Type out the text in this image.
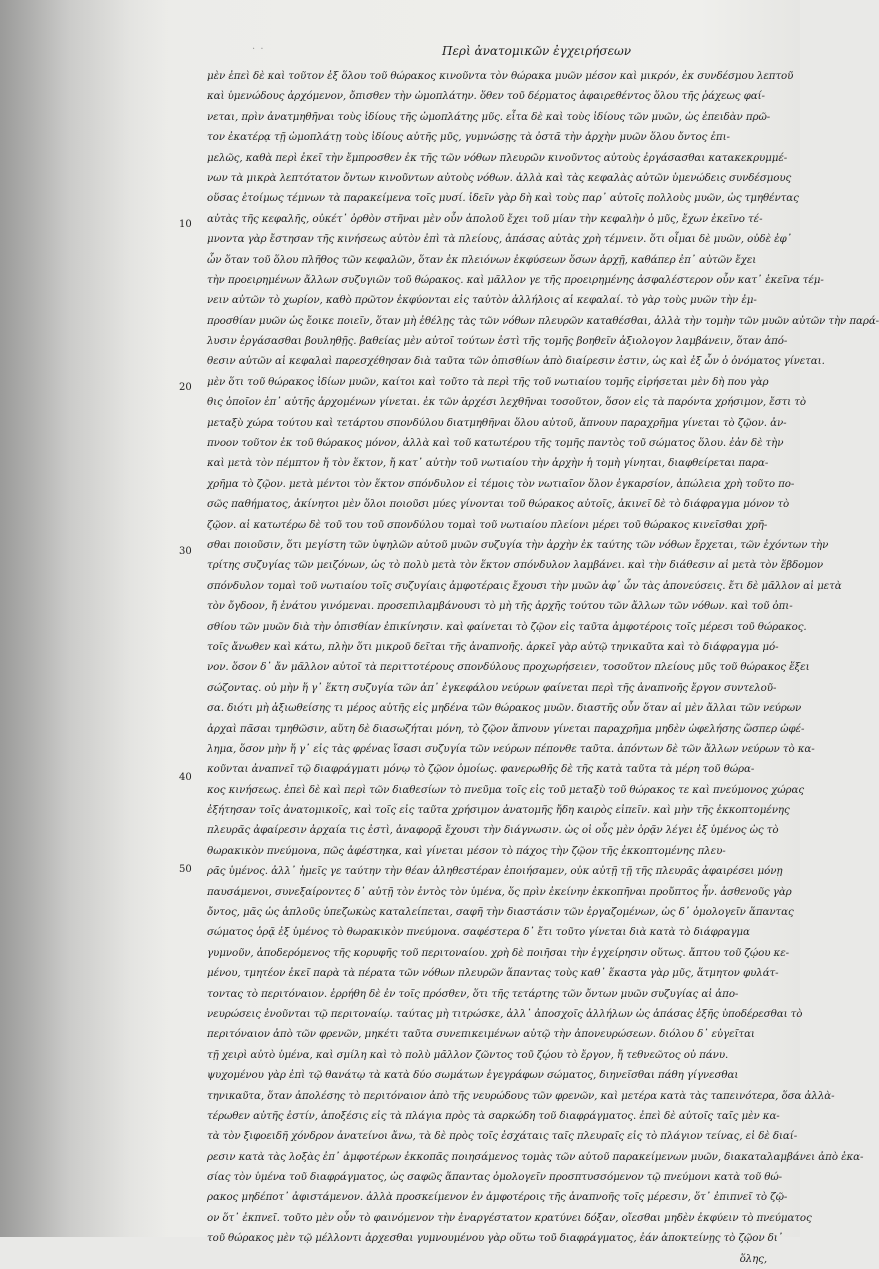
· ·	Περὶ ἀνατομικῶν ἐγχειρήσεων
10
20
30
40
50
μὲν ἐπεὶ δὲ καὶ τοῦτον ἐξ ὅλου τοῦ θώρακος κινοῦντα τὸν θώρακα μυῶν μέσον καὶ μικρόν, ἐκ συνδέσμου λεπτοῦ
καὶ ὑμενώδους ἀρχόμενον, ὄπισθεν τὴν ὠμοπλάτην. ὅθεν τοῦ δέρματος ἀφαιρεθέντος ὅλου τῆς ῥάχεως φαί-
νεται, πρὶν ἀνατμηθῆναι τοὺς ἰδίους τῆς ὠμοπλάτης μῦς. εἶτα δὲ καὶ τοὺς ἰδίους τῶν μυῶν, ὡς ἐπειδὰν πρῶ-
τον ἐκατέρᾳ τῇ ὠμοπλάτῃ τοὺς ἰδίους αὐτῆς μῦς, γυμνώσῃς τὰ ὀστᾶ τὴν ἀρχὴν μυῶν ὅλου ὄντος ἐπι-
μελῶς, καθὰ περὶ ἐκεῖ τὴν ἔμπροσθεν ἐκ τῆς τῶν νόθων πλευρῶν κινοῦντος αὐτοὺς ἐργάσασθαι κατακεκρυμμέ-
νων τὰ μικρὰ λεπτότατον ὄντων κινοῦντων αὐτοὺς νόθων. ἀλλὰ καὶ τὰς κεφαλὰς αὐτῶν ὑμενώδεις συνδέσμους
οὕσας ἑτοίμως τέμνων τὰ παρακείμενα τοῖς μυσί. ἰδεῖν γὰρ δὴ καὶ τοὺς παρ᾽ αὐτοῖς πολλοὺς μυῶν, ὡς τμηθέντας
αὐτὰς τῆς κεφαλῆς, οὐκέτ᾽ ὀρθὸν στῆναι μὲν οὖν ἀπολοῦ ἔχει τοῦ μίαν τὴν κεφαλὴν ὁ μῦς, ἔχων ἐκεῖνο τέ-
μνοντα γὰρ ἔστησαν τῆς κινήσεως αὐτὸν ἐπὶ τὰ πλείους, ἁπάσας αὐτὰς χρὴ τέμνειν. ὅτι οἶμαι δὲ μυῶν, οὐδὲ ἐφ᾽
ὧν ὅταν τοῦ ὅλου πλῆθος τῶν κεφαλῶν, ὅταν ἐκ πλειόνων ἐκφύσεων ὅσων ἀρχῇ, καθάπερ ἐπ᾽ αὐτῶν ἔχει
τὴν προειρημένων ἄλλων συζυγιῶν τοῦ θώρακος. καὶ μᾶλλον γε τῆς προειρημένης ἀσφαλέστερον οὖν κατ᾽ ἐκεῖνα τέμ-
νειν αὐτῶν τὸ χωρίον, καθὸ πρῶτον ἐκφύονται εἰς ταὐτὸν ἀλλήλοις αἱ κεφαλαί. τὸ γὰρ τοὺς μυῶν τὴν ἐμ-
προσθίαν μυῶν ὡς ἔοικε ποιεῖν, ὅταν μὴ ἐθέλῃς τὰς τῶν νόθων πλευρῶν καταθέσθαι, ἀλλὰ τὴν τομὴν τῶν μυῶν αὐτῶν τὴν παρά-
λυσιν ἐργάσασθαι βουληθῇς. βαθείας μὲν αὐτοῖ τούτων ἐστὶ τῆς τομῆς βοηθεῖν ἀξιολογον λαμβάνειν, ὅταν ἀπό-
θεσιν αὐτῶν αἱ κεφαλαὶ παρεσχέθησαν διὰ ταῦτα τῶν ὀπισθίων ἀπὸ διαίρεσιν ἐστιν, ὡς καὶ ἐξ ὧν ὁ ὀνόματος γίνεται.
μὲν ὅτι τοῦ θώρακος ἰδίων μυῶν, καίτοι καὶ τοῦτο τὰ περὶ τῆς τοῦ νωτιαίου τομῆς εἰρήσεται μὲν δὴ που γὰρ
θις ὁποῖον ἐπ᾽ αὐτῆς ἀρχομένων γίνεται. ἐκ τῶν ἀρχέσι λεχθῆναι τοσοῦτον, ὅσον εἰς τὰ παρόντα χρήσιμον, ἔστι τὸ
μεταξὺ χώρα τούτου καὶ τετάρτου σπονδύλου διατμηθῆναι ὅλου αὐτοῦ, ἄπνουν παραχρῆμα γίνεται τὸ ζῷον. ἀν-
πνοον τοῦτον ἐκ τοῦ θώρακος μόνον, ἀλλὰ καὶ τοῦ κατωτέρου τῆς τομῆς παντὸς τοῦ σώματος ὅλου. ἐἀν δὲ τὴν
καὶ μετὰ τὸν πέμπτον ἤ τὸν ἕκτον, ἤ κατ᾽ αὐτὴν τοῦ νωτιαίου τὴν ἀρχὴν ἡ τομὴ γίνηται, διαφθείρεται παρα-
χρῆμα τὸ ζῷον. μετὰ μέντοι τὸν ἕκτον σπόνδυλον εἰ τέμοις τὸν νωτιαῖον ὅλον ἐγκαρσίον, ἀπώλεια χρὴ τοῦτο πο-
σῶς παθήματος, ἀκίνητοι μὲν ὅλοι ποιοῦσι μύες γίνονται τοῦ θώρακος αὐτοῖς, ἀκινεῖ δὲ τὸ διάφραγμα μόνον τὸ
ζῷον. αἱ κατωτέρω δὲ τοῦ του τοῦ σπονδύλου τομαὶ τοῦ νωτιαίου πλείονι μέρει τοῦ θώρακος κινεῖσθαι χρῆ-
σθαι ποιοῦσιν, ὅτι μεγίστη τῶν ὑψηλῶν αὐτοῦ μυῶν συζυγία τὴν ἀρχὴν ἐκ ταύτης τῶν νόθων ἔρχεται, τῶν ἐχόντων τὴν
τρίτης συζυγίας τῶν μειζόνων, ὡς τὸ πολὺ μετὰ τὸν ἕκτον σπόνδυλον λαμβάνει. καὶ τὴν διάθεσιν αἱ μετὰ τὸν ἕβδομον
σπόνδυλον τομαὶ τοῦ νωτιαίου τοῖς συζυγίαις ἀμφοτέραις ἔχουσι τὴν μυῶν ἀφ᾽ ὧν τὰς ἀπονεύσεις. ἔτι δὲ μᾶλλον αἱ μετὰ
τὸν ὄγδοον, ἤ ἐνάτου γινόμεναι. προσεπιλαμβάνουσι τὸ μὴ τῆς ἀρχῆς τούτου τῶν ἄλλων τῶν νόθων. καὶ τοῦ ὀπι-
σθίου τῶν μυῶν διὰ τὴν ὀπισθίαν ἐπικίνησιν. καὶ φαίνεται τὸ ζῷον εἰς ταῦτα ἀμφοτέροις τοῖς μέρεσι τοῦ θώρακος.
τοῖς ἄνωθεν καὶ κάτω, πλὴν ὅτι μικροῦ δεῖται τῆς ἀναπνοῆς. ἀρκεῖ γὰρ αὐτῷ τηνικαῦτα καὶ τὸ διάφραγμα μό-
νον. ὅσον δ᾽ ἄν μᾶλλον αὐτοῖ τὰ περιττοτέρους σπονδύλους προχωρήσειεν, τοσοῦτον πλείους μῦς τοῦ θώρακος ἕξει
σώζοντας. οὐ μὴν ἥ γ᾽ ἕκτη συζυγία τῶν ἀπ᾽ ἐγκεφάλου νεύρων φαίνεται περὶ τῆς ἀναπνοῆς ἔργον συντελοῦ-
σα. διότι μὴ ἀξιωθείσης τι μέρος αὐτῆς εἰς μηδένα τῶν θώρακος μυῶν. διαστῆς οὖν ὅταν αἱ μὲν ἄλλαι τῶν νεύρων
ἀρχαὶ πᾶσαι τμηθῶσιν, αὕτη δὲ διασωζήται μόνη, τὸ ζῷον ἄπνουν γίνεται παραχρῆμα μηδὲν ὠφελήσης ὥσπερ ὠφέ-
λημα, ὅσον μὴν ἥ γ᾽ εἰς τὰς φρένας ἴσασι συζυγία τῶν νεύρων πέπονθε ταῦτα. ἀπόντων δὲ τῶν ἄλλων νεύρων τὸ κα-
κοῦνται ἀναπνεῖ τῷ διαφράγματι μόνῳ τὸ ζῷον ὁμοίως. φανερωθῆς δὲ τῆς κατὰ ταῦτα τὰ μέρη τοῦ θώρα-
κος κινήσεως. ἐπεὶ δὲ καὶ περὶ τῶν διαθεσίων τὸ πνεῦμα τοῖς εἰς τοῦ μεταξὺ τοῦ θώρακος τε καὶ πνεύμονος χώρας
ἐξήτησαν τοῖς ἀνατομικοῖς, καὶ τοῖς εἰς ταῦτα χρήσιμον ἀνατομῆς ἤδη καιρὸς εἰπεῖν. καὶ μὴν τῆς ἐκκοπτομένης
πλευρᾶς ἀφαίρεσιν ἀρχαία τις ἐστὶ, ἀναφορᾷ ἔχουσι τὴν διάγνωσιν. ὡς οἱ οὖς μὲν ὁρᾷν λέγει ἐξ ὑμένος ὡς τὸ
θωρακικὸν πνεύμονα, πῶς ἀφέστηκα, καὶ γίνεται μέσον τὸ πάχος τὴν ζῷον τῆς ἐκκοπτομένης πλευ-
ρᾶς ὑμένος. ἀλλ᾽ ἡμεῖς γε ταύτην τὴν θέαν ἀληθεστέραν ἐποιήσαμεν, οὐκ αὐτῇ τῇ τῆς πλευρᾶς ἀφαιρέσει μόνῃ
παυσάμενοι, συνεξαίροντες δ᾽ αὐτῇ τὸν ἐντὸς τὸν ὑμένα, ὅς πρὶν ἐκείνην ἐκκοπῆναι προὔπτος ἦν. ἀσθενοῦς γὰρ
ὄντος, μᾶς ὡς ἁπλοῦς ὑπεζωκὼς καταλείπεται, σαφῆ τὴν διαστάσιν τῶν ἐργαζομένων, ὡς δ᾽ ὁμολογεῖν ἅπαντας
σώματος ὁρᾷ ἐξ ὑμένος τὸ θωρακικὸν πνεύμονα. σαφέστερα δ᾽ ἔτι τοῦτο γίνεται διὰ κατὰ τὸ διάφραγμα
γυμνοῦν, ἀποδερόμενος τῆς κορυφῆς τοῦ περιτοναίου. χρὴ δὲ ποιῆσαι τὴν ἐγχείρησιν οὕτως. ἄπτου τοῦ ζῴου κε-
μένου, τμητέον ἐκεῖ παρὰ τὰ πέρατα τῶν νόθων πλευρῶν ἅπαντας τοὺς καθ᾽ ἕκαστα γὰρ μῦς, ἅτμητον φυλάτ-
τοντας τὸ περιτόναιον. ἐρρήθη δὲ ἐν τοῖς πρόσθεν, ὅτι τῆς τετάρτης τῶν ὄντων μυῶν συζυγίας αἱ ἀπο-
νευρώσεις ἑνοῦνται τῷ περιτοναίῳ. ταύτας μὴ τιτρώσκε, ἀλλ᾽ ἀποσχοῖς ἀλλήλων ὡς ἁπάσας ἐξῆς ὑποδέρεσθαι τὸ
περιτόναιον ἀπὸ τῶν φρενῶν, μηκέτι ταῦτα συνεπικειμένων αὐτῷ τὴν ἀπονευρώσεων. διόλου δ᾽ εὐγεῖται
τῇ χειρὶ αὐτὸ ὑμένα, καὶ σμίλη καὶ τὸ πολὺ μᾶλλον ζῶντος τοῦ ζῴου τὸ ἔργον, ἤ τεθνεῶτος οὐ πάνυ.
ψυχομένου γὰρ ἐπὶ τῷ θανάτῳ τὰ κατὰ δύο σωμάτων ἐγεγράφων σώματος, διηνεῖσθαι πάθη γίγνεσθαι
τηνικαῦτα, ὅταν ἀπολέσης τὸ περιτόναιον ἀπὸ τῆς νευρώδους τῶν φρενῶν, καὶ μετέρα κατὰ τὰς ταπεινότερα, ὅσα ἀλλὰ-
τέρωθεν αὐτῆς ἐστίν, ἀποξέσις εἰς τὰ πλάγια πρὸς τὰ σαρκώδη τοῦ διαφράγματος. ἐπεὶ δὲ αὐτοῖς ταῖς μὲν κα-
τὰ τὸν ξιφοειδῆ χόνδρον ἀνατείνοι ἄνω, τὰ δὲ πρὸς τοῖς ἐσχάταις ταῖς πλευραῖς εἰς τὸ πλάγιον τείνας, εἰ δὲ διαί-
ρεσιν κατὰ τὰς λοξὰς ἐπ᾽ ἀμφοτέρων ἐκκοπᾶς ποιησάμενος τομὰς τῶν αὐτοῦ παρακείμενων μυῶν, διακαταλαμβάνει ἀπὸ ἑκα-
σίας τὸν ὑμένα τοῦ διαφράγματος, ὡς σαφῶς ἅπαντας ὁμολογεῖν προσπτυσσόμενον τῷ πνεύμονι κατὰ τοῦ θώ-
ρακος μηδέποτ᾽ ἀφιστάμενον. ἀλλὰ προσκείμενον ἐν ἀμφοτέροις τῆς ἀναπνοῆς τοῖς μέρεσιν, ὅτ᾽ ἐπιπνεῖ τὸ ζῷ-
ον ὅτ᾽ ἐκπνεῖ. τοῦτο μὲν οὖν τὸ φαινόμενον τὴν ἐναργέστατον κρατύνει δόξαν, οἴεσθαι μηδὲν ἐκφύειν τὸ πνεύματος
τοῦ θώρακος μὲν τῷ μέλλοντι ἀρχεσθαι γυμνουμένου γὰρ οὕτω τοῦ διαφράγματος, ἐάν ἀποκτείνῃς τὸ ζῷον δι᾽
ὅλης,
